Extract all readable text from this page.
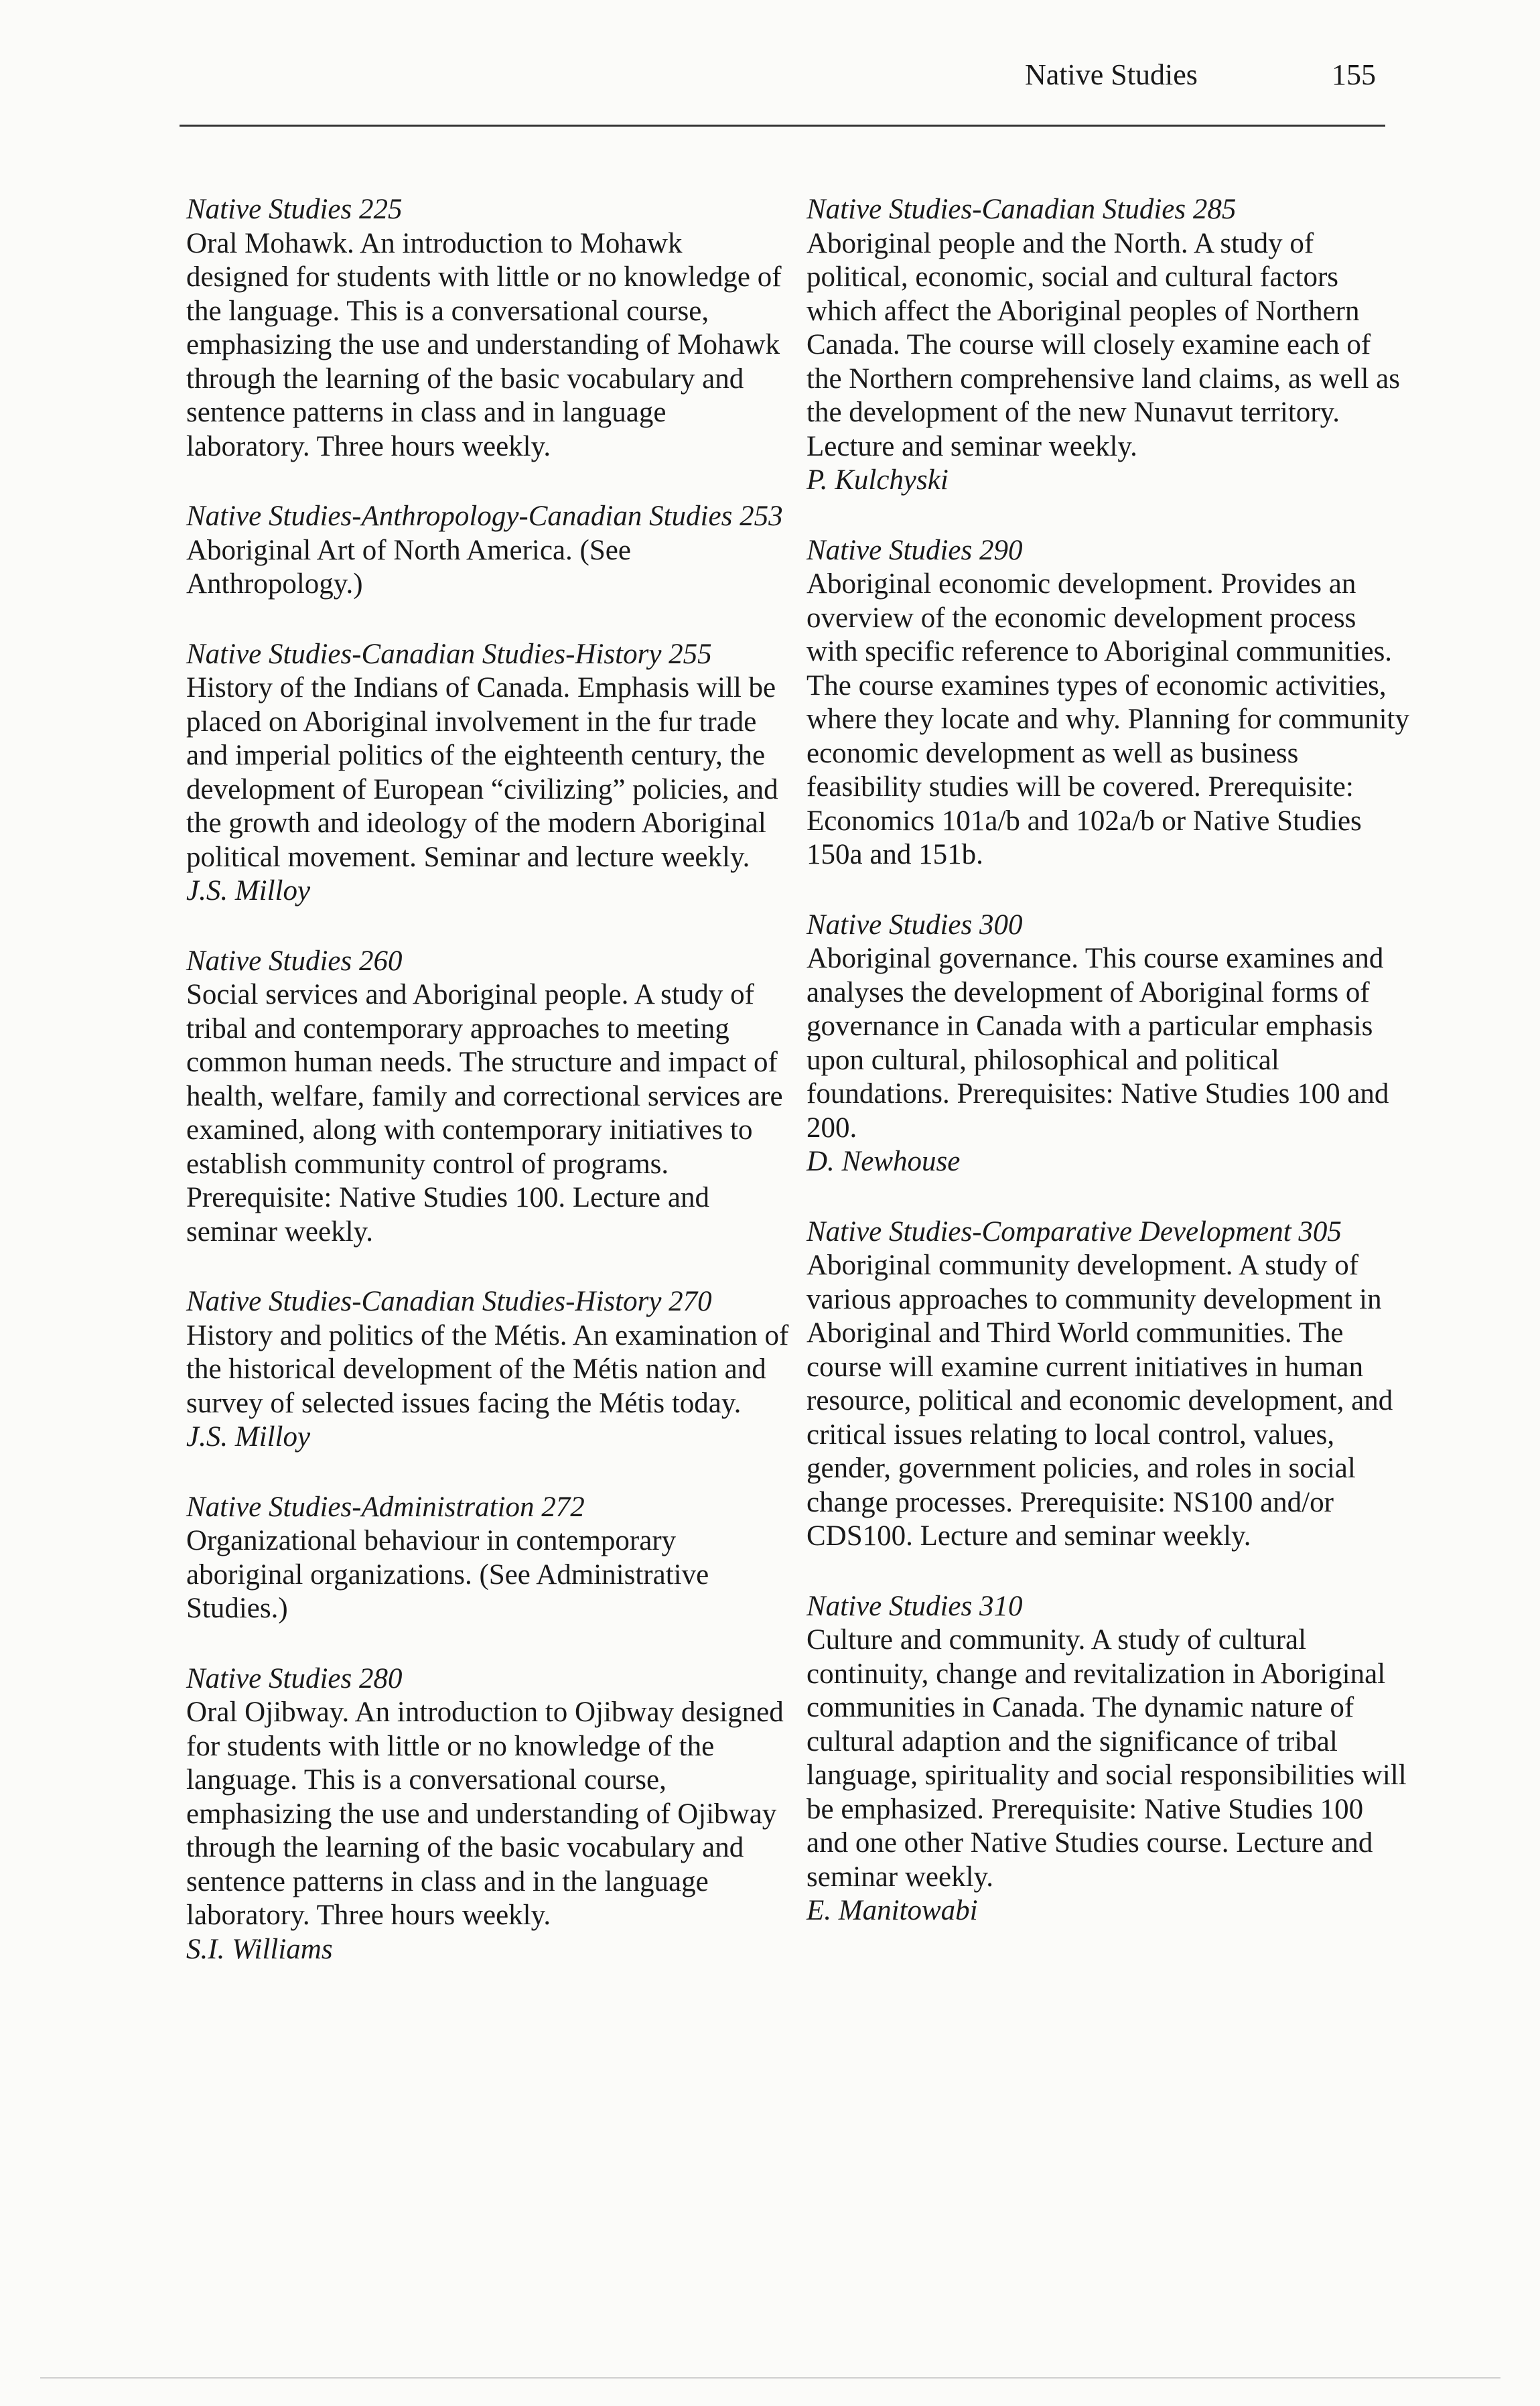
Native Studies	155

Native Studies 225

Oral Mohawk. An introduction to Mohawk designed for students with little or no knowledge of the language. This is a conversational course, emphasizing the use and understanding of Mohawk through the learning of the basic vocabulary and sentence patterns in class and in language laboratory. Three hours weekly.

Native Studies-Anthropology-Canadian Studies 253

Aboriginal Art of North America. (See Anthropology.)

Native Studies-Canadian Studies-History 255

History of the Indians of Canada. Emphasis will be placed on Aboriginal involvement in the fur trade and imperial politics of the eighteenth century, the development of European “civilizing” policies, and the growth and ideology of the modern Aboriginal political movement. Seminar and lecture weekly.

J.S. Milloy

Native Studies 260

Social services and Aboriginal people. A study of tribal and contemporary approaches to meeting common human needs. The structure and impact of health, welfare, family and correctional services are examined, along with contemporary initiatives to establish community control of programs. Prerequisite: Native Studies 100. Lecture and seminar weekly.

Native Studies-Canadian Studies-History 270

History and politics of the Métis. An examination of the historical development of the Métis nation and survey of selected issues facing the Métis today.

J.S. Milloy

Native Studies-Administration 272

Organizational behaviour in contemporary aboriginal organizations. (See Administrative Studies.)

Native Studies 280

Oral Ojibway. An introduction to Ojibway designed for students with little or no knowledge of the language. This is a conversational course, emphasizing the use and understanding of Ojibway through the learning of the basic vocabulary and sentence patterns in class and in the language laboratory. Three hours weekly.

S.I. Williams

Native Studies-Canadian Studies 285

Aboriginal people and the North. A study of political, economic, social and cultural factors which affect the Aboriginal peoples of Northern Canada. The course will closely examine each of the Northern comprehensive land claims, as well as the development of the new Nunavut territory. Lecture and seminar weekly.

P. Kulchyski

Native Studies 290

Aboriginal economic development. Provides an overview of the economic development process with specific reference to Aboriginal communities. The course examines types of economic activities, where they locate and why. Planning for community economic development as well as business feasibility studies will be covered. Prerequisite: Economics 101a/b and 102a/b or Native Studies 150a and 151b.

Native Studies 300

Aboriginal governance. This course examines and analyses the development of Aboriginal forms of governance in Canada with a particular emphasis upon cultural, philosophical and political foundations. Prerequisites: Native Studies 100 and 200.

D. Newhouse

Native Studies-Comparative Development 305

Aboriginal community development. A study of various approaches to community development in Aboriginal and Third World communities. The course will examine current initiatives in human resource, political and economic development, and critical issues relating to local control, values, gender, government policies, and roles in social change processes. Prerequisite: NS100 and/or CDS100. Lecture and seminar weekly.

Native Studies 310

Culture and community. A study of cultural continuity, change and revitalization in Aboriginal communities in Canada. The dynamic nature of cultural adaption and the significance of tribal language, spirituality and social responsibilities will be emphasized. Prerequisite: Native Studies 100 and one other Native Studies course. Lecture and seminar weekly.

E. Manitowabi
